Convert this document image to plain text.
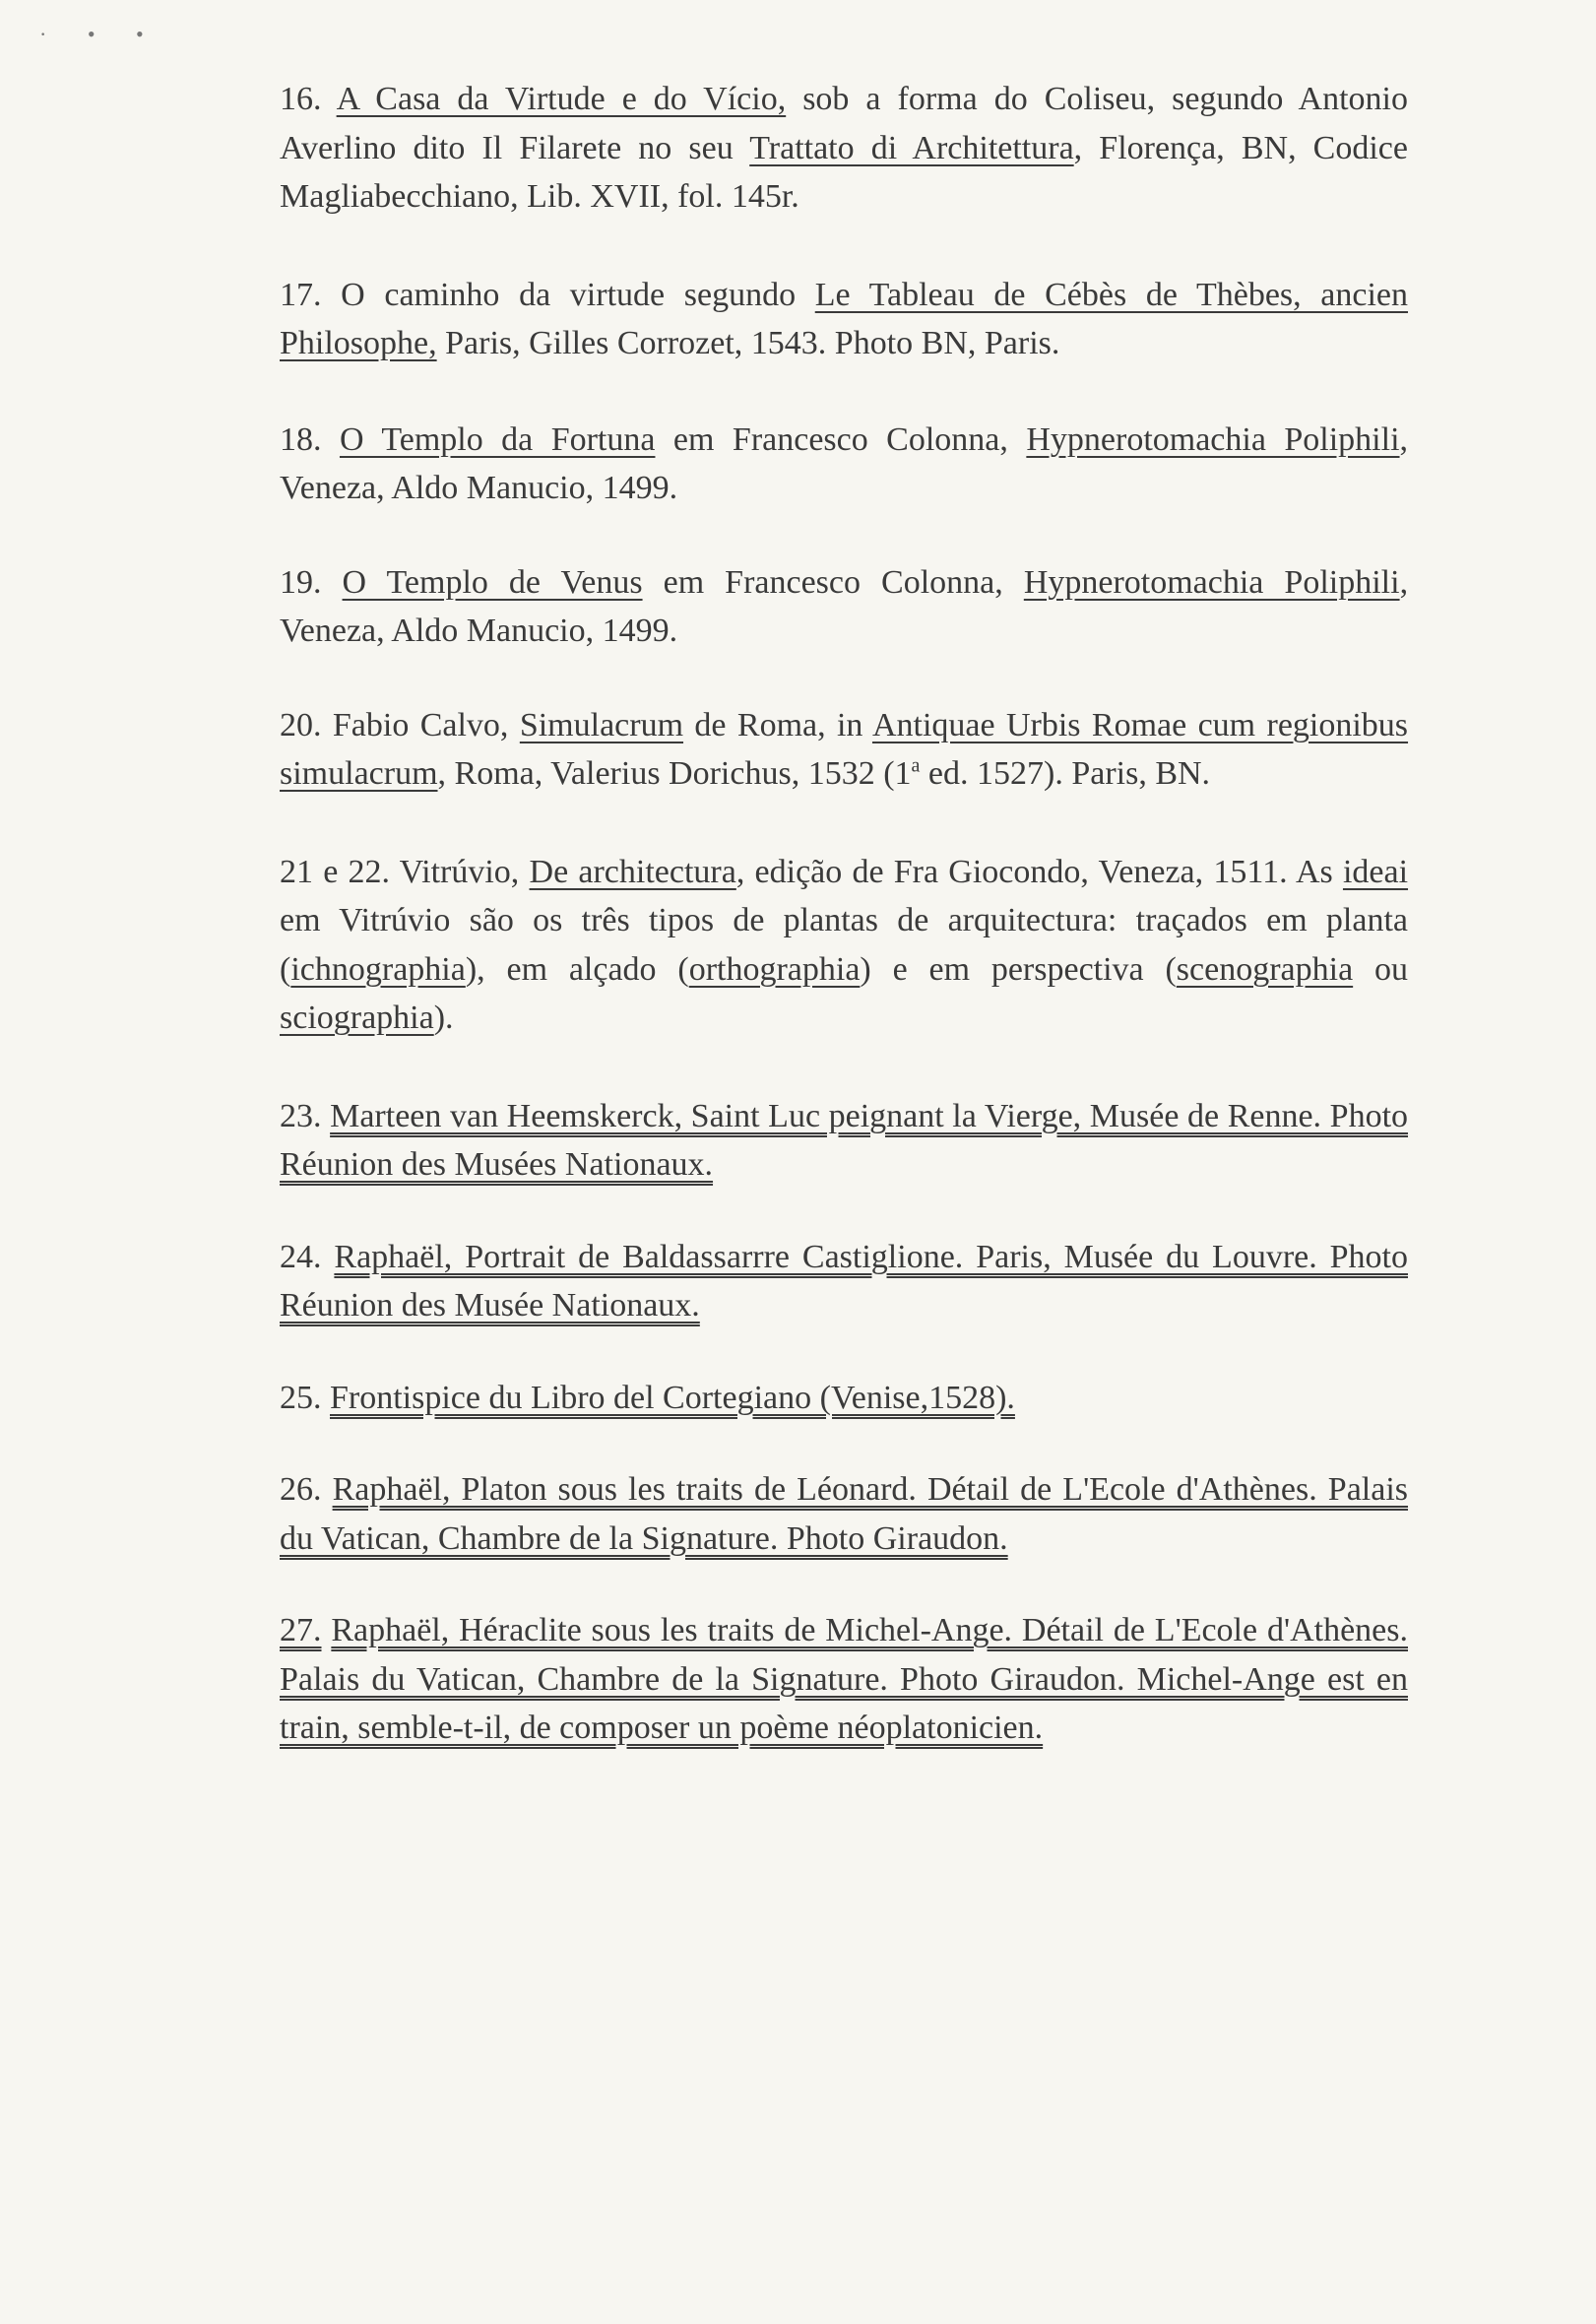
· • •

16. A Casa da Virtude e do Vício, sob a forma do Coliseu, segundo Antonio Averlino dito Il Filarete no seu Trattato di Architettura, Florença, BN, Codice Magliabecchiano, Lib. XVII, fol. 145r.

17. O caminho da virtude segundo Le Tableau de Cébès de Thèbes, ancien Philosophe, Paris, Gilles Corrozet, 1543. Photo BN, Paris.

18. O Templo da Fortuna em Francesco Colonna, Hypnerotomachia Poliphili, Veneza, Aldo Manucio, 1499.

19. O Templo de Venus em Francesco Colonna, Hypnerotomachia Poliphili, Veneza, Aldo Manucio, 1499.

20. Fabio Calvo, Simulacrum de Roma, in Antiquae Urbis Romae cum regionibus simulacrum, Roma, Valerius Dorichus, 1532 (1$^a$ ed. 1527). Paris, BN.

21 e 22. Vitrúvio, De architectura, edição de Fra Giocondo, Veneza, 1511. As ideai em Vitrúvio são os três tipos de plantas de arquitectura: traçados em planta (ichnographia), em alçado (orthographia) e em perspectiva (scenographia ou sciographia).

23. Marteen van Heemskerck, Saint Luc peignant la Vierge, Musée de Renne. Photo Réunion des Musées Nationaux.

24. Raphaël, Portrait de Baldassarrre Castiglione. Paris, Musée du Louvre. Photo Réunion des Musée Nationaux.

25. Frontispice du Libro del Cortegiano (Venise,1528).

26. Raphaël, Platon sous les traits de Léonard. Détail de L'Ecole d'Athènes. Palais du Vatican, Chambre de la Signature. Photo Giraudon.

27. Raphaël, Héraclite sous les traits de Michel-Ange. Détail de L'Ecole d'Athènes. Palais du Vatican, Chambre de la Signature. Photo Giraudon. Michel-Ange est en train, semble-t-il, de composer un poème néoplatonicien.
